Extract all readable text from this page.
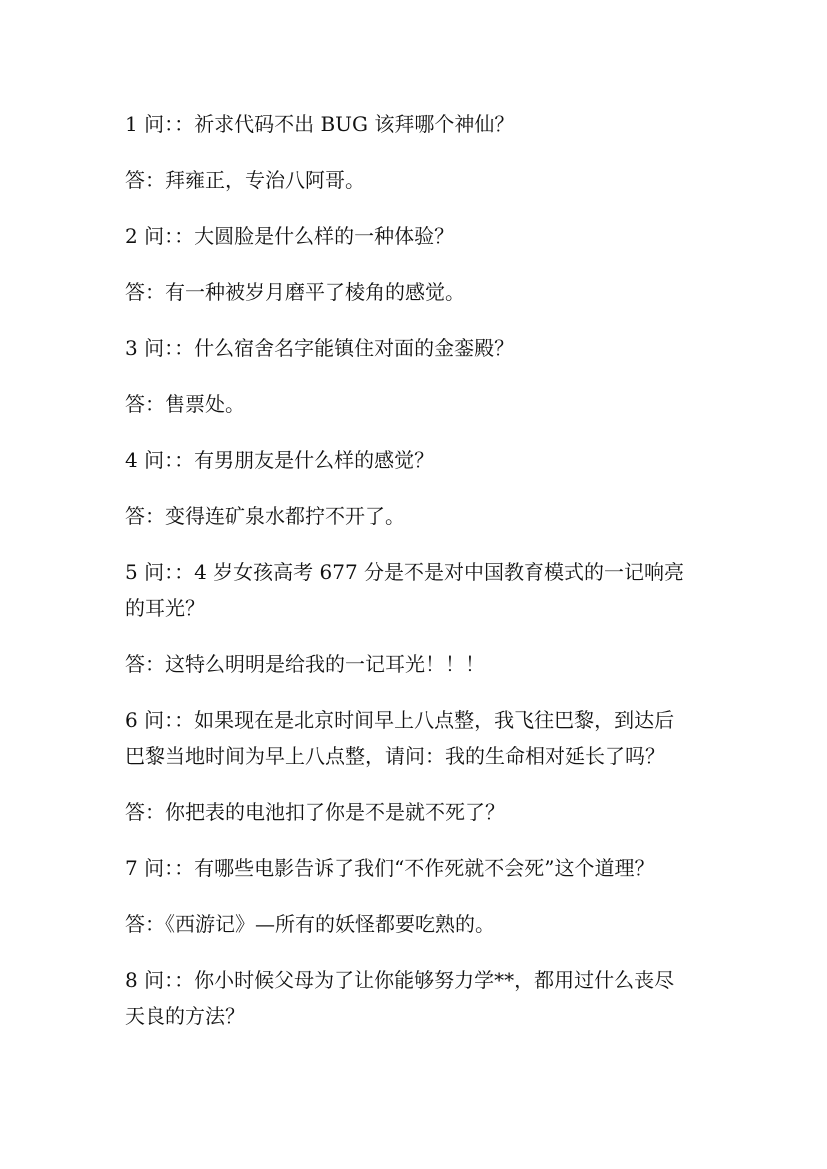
1 问：：祈求代码不出 BUG 该拜哪个神仙？

答：拜雍正，专治八阿哥。

2 问：：大圆脸是什么样的一种体验？

答：有一种被岁月磨平了棱角的感觉。

3 问：：什么宿舍名字能镇住对面的金銮殿？

答：售票处。

4 问：：有男朋友是什么样的感觉？

答：变得连矿泉水都拧不开了。

5 问：：4 岁女孩高考 677 分是不是对中国教育模式的一记响亮

的耳光？

答：这特么明明是给我的一记耳光！！！

6 问：：如果现在是北京时间早上八点整，我飞往巴黎，到达后

巴黎当地时间为早上八点整，请问：我的生命相对延长了吗？

答：你把表的电池扣了你是不是就不死了？

7 问：：有哪些电影告诉了我们“不作死就不会死”这个道理？

答：《西游记》—所有的妖怪都要吃熟的。

8 问：：你小时候父母为了让你能够努力学**，都用过什么丧尽

天良的方法？
